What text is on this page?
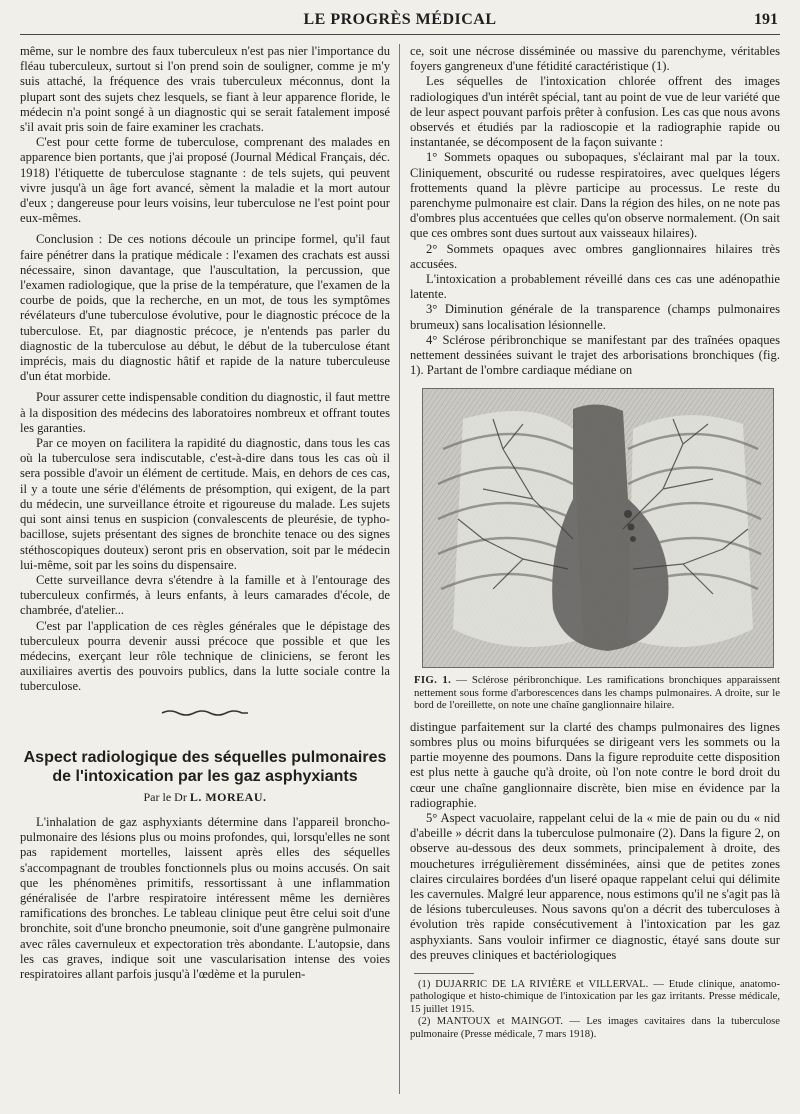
LE PROGRÈS MÉDICAL	191

même, sur le nombre des faux tuberculeux n'est pas nier l'importance du fléau tuberculeux, surtout si l'on prend soin de souligner, comme je m'y suis attaché, la fréquence des vrais tuberculeux méconnus, dont la plupart sont des sujets chez lesquels, se fiant à leur apparence floride, le médecin n'a point songé à un diagnostic qui se serait fatalement imposé s'il avait pris soin de faire examiner les crachats.

C'est pour cette forme de tuberculose, comprenant des malades en apparence bien portants, que j'ai proposé (Journal Médical Français, déc. 1918) l'étiquette de tuberculose stagnante : de tels sujets, qui peuvent vivre jusqu'à un âge fort avancé, sèment la maladie et la mort autour d'eux ; dangereuse pour leurs voisins, leur tuberculose ne l'est point pour eux-mêmes.

Conclusion : De ces notions découle un principe formel, qu'il faut faire pénétrer dans la pratique médicale : l'examen des crachats est aussi nécessaire, sinon davantage, que l'auscultation, la percussion, que l'examen radiologique, que la prise de la température, que l'examen de la courbe de poids, que la recherche, en un mot, de tous les symptômes révélateurs d'une tuberculose évolutive, pour le diagnostic précoce de la tuberculose. Et, par diagnostic précoce, je n'entends pas parler du diagnostic de la tuberculose au début, le début de la tuberculose étant imprécis, mais du diagnostic hâtif et rapide de la nature tuberculeuse d'un état morbide.

Pour assurer cette indispensable condition du diagnostic, il faut mettre à la disposition des médecins des laboratoires nombreux et offrant toutes les garanties.

Par ce moyen on facilitera la rapidité du diagnostic, dans tous les cas où la tuberculose sera indiscutable, c'est-à-dire dans tous les cas où il sera possible d'avoir un élément de certitude. Mais, en dehors de ces cas, il y a toute une série d'éléments de présomption, qui exigent, de la part du médecin, une surveillance étroite et rigoureuse du malade. Les sujets qui sont ainsi tenus en suspicion (convalescents de pleurésie, de typho-bacillose, sujets présentant des signes de bronchite tenace ou des signes stéthoscopiques douteux) seront pris en observation, soit par le médecin lui-même, soit par les soins du dispensaire.

Cette surveillance devra s'étendre à la famille et à l'entourage des tuberculeux confirmés, à leurs enfants, à leurs camarades d'école, de chambrée, d'atelier...

C'est par l'application de ces règles générales que le dépistage des tuberculeux pourra devenir aussi précoce que possible et que les médecins, exerçant leur rôle technique de cliniciens, se feront les auxiliaires avertis des pouvoirs publics, dans la lutte sociale contre la tuberculose.

Aspect radiologique des séquelles pulmonaires de l'intoxication par les gaz asphyxiants
Par le Dr L. MOREAU.

L'inhalation de gaz asphyxiants détermine dans l'appareil broncho-pulmonaire des lésions plus ou moins profondes, qui, lorsqu'elles ne sont pas rapidement mortelles, laissent après elles des séquelles s'accompagnant de troubles fonctionnels plus ou moins accusés. On sait que les phénomènes primitifs, ressortissant à une inflammation généralisée de l'arbre respiratoire intéressent même les dernières ramifications des bronches. Le tableau clinique peut être celui soit d'une bronchite, soit d'une broncho pneumonie, soit d'une gangrène pulmonaire avec râles cavernuleux et expectoration très abondante. L'autopsie, dans les cas graves, indique soit une vascularisation intense des voies respiratoires allant parfois jusqu'à l'œdème et la purulen-

ce, soit une nécrose disséminée ou massive du parenchyme, véritables foyers gangreneux d'une fétidité caractéristique (1).

Les séquelles de l'intoxication chlorée offrent des images radiologiques d'un intérêt spécial, tant au point de vue de leur variété que de leur aspect pouvant parfois prêter à confusion. Les cas que nous avons observés et étudiés par la radioscopie et la radiographie rapide ou instantanée, se décomposent de la façon suivante :

1° Sommets opaques ou subopaques, s'éclairant mal par la toux. Cliniquement, obscurité ou rudesse respiratoires, avec quelques légers frottements quand la plèvre participe au processus. Le reste du parenchyme pulmonaire est clair. Dans la région des hiles, on ne note pas d'ombres plus accentuées que celles qu'on observe normalement. (On sait que ces ombres sont dues surtout aux vaisseaux hilaires).

2° Sommets opaques avec ombres ganglionnaires hilaires très accusées.

L'intoxication a probablement réveillé dans ces cas une adénopathie latente.

3° Diminution générale de la transparence (champs pulmonaires brumeux) sans localisation lésionnelle.

4° Sclérose péribronchique se manifestant par des traînées opaques nettement dessinées suivant le trajet des arborisations bronchiques (fig. 1). Partant de l'ombre cardiaque médiane on

FIG. 1. — Sclérose péribronchique. Les ramifications bronchiques apparaissent nettement sous forme d'arborescences dans les champs pulmonaires. A droite, sur le bord de l'oreillette, on note une chaîne ganglionnaire hilaire.

distingue parfaitement sur la clarté des champs pulmonaires des lignes sombres plus ou moins bifurquées se dirigeant vers les sommets ou la partie moyenne des poumons. Dans la figure reproduite cette disposition est plus nette à gauche qu'à droite, où l'on note contre le bord droit du cœur une chaîne ganglionnaire discrète, bien mise en évidence par la radiographie.

5° Aspect vacuolaire, rappelant celui de la « mie de pain ou du « nid d'abeille » décrit dans la tuberculose pulmonaire (2). Dans la figure 2, on observe au-dessous des deux sommets, principalement à droite, des mouchetures irrégulièrement disséminées, ainsi que de petites zones claires circulaires bordées d'un liseré opaque rappelant celui qui délimite les cavernules. Malgré leur apparence, nous estimons qu'il ne s'agit pas là de lésions tuberculeuses. Nous savons qu'on a décrit des tuberculoses à évolution très rapide consécutivement à l'intoxication par les gaz asphyxiants. Sans vouloir infirmer ce diagnostic, étayé sans doute sur des preuves cliniques et bactériologiques

(1) DUJARRIC DE LA RIVIÈRE et VILLERVAL. — Etude clinique, anatomo-pathologique et histo-chimique de l'intoxication par les gaz irritants. Presse médicale, 15 juillet 1915.

(2) MANTOUX et MAINGOT. — Les images cavitaires dans la tuberculose pulmonaire (Presse médicale, 7 mars 1918).
